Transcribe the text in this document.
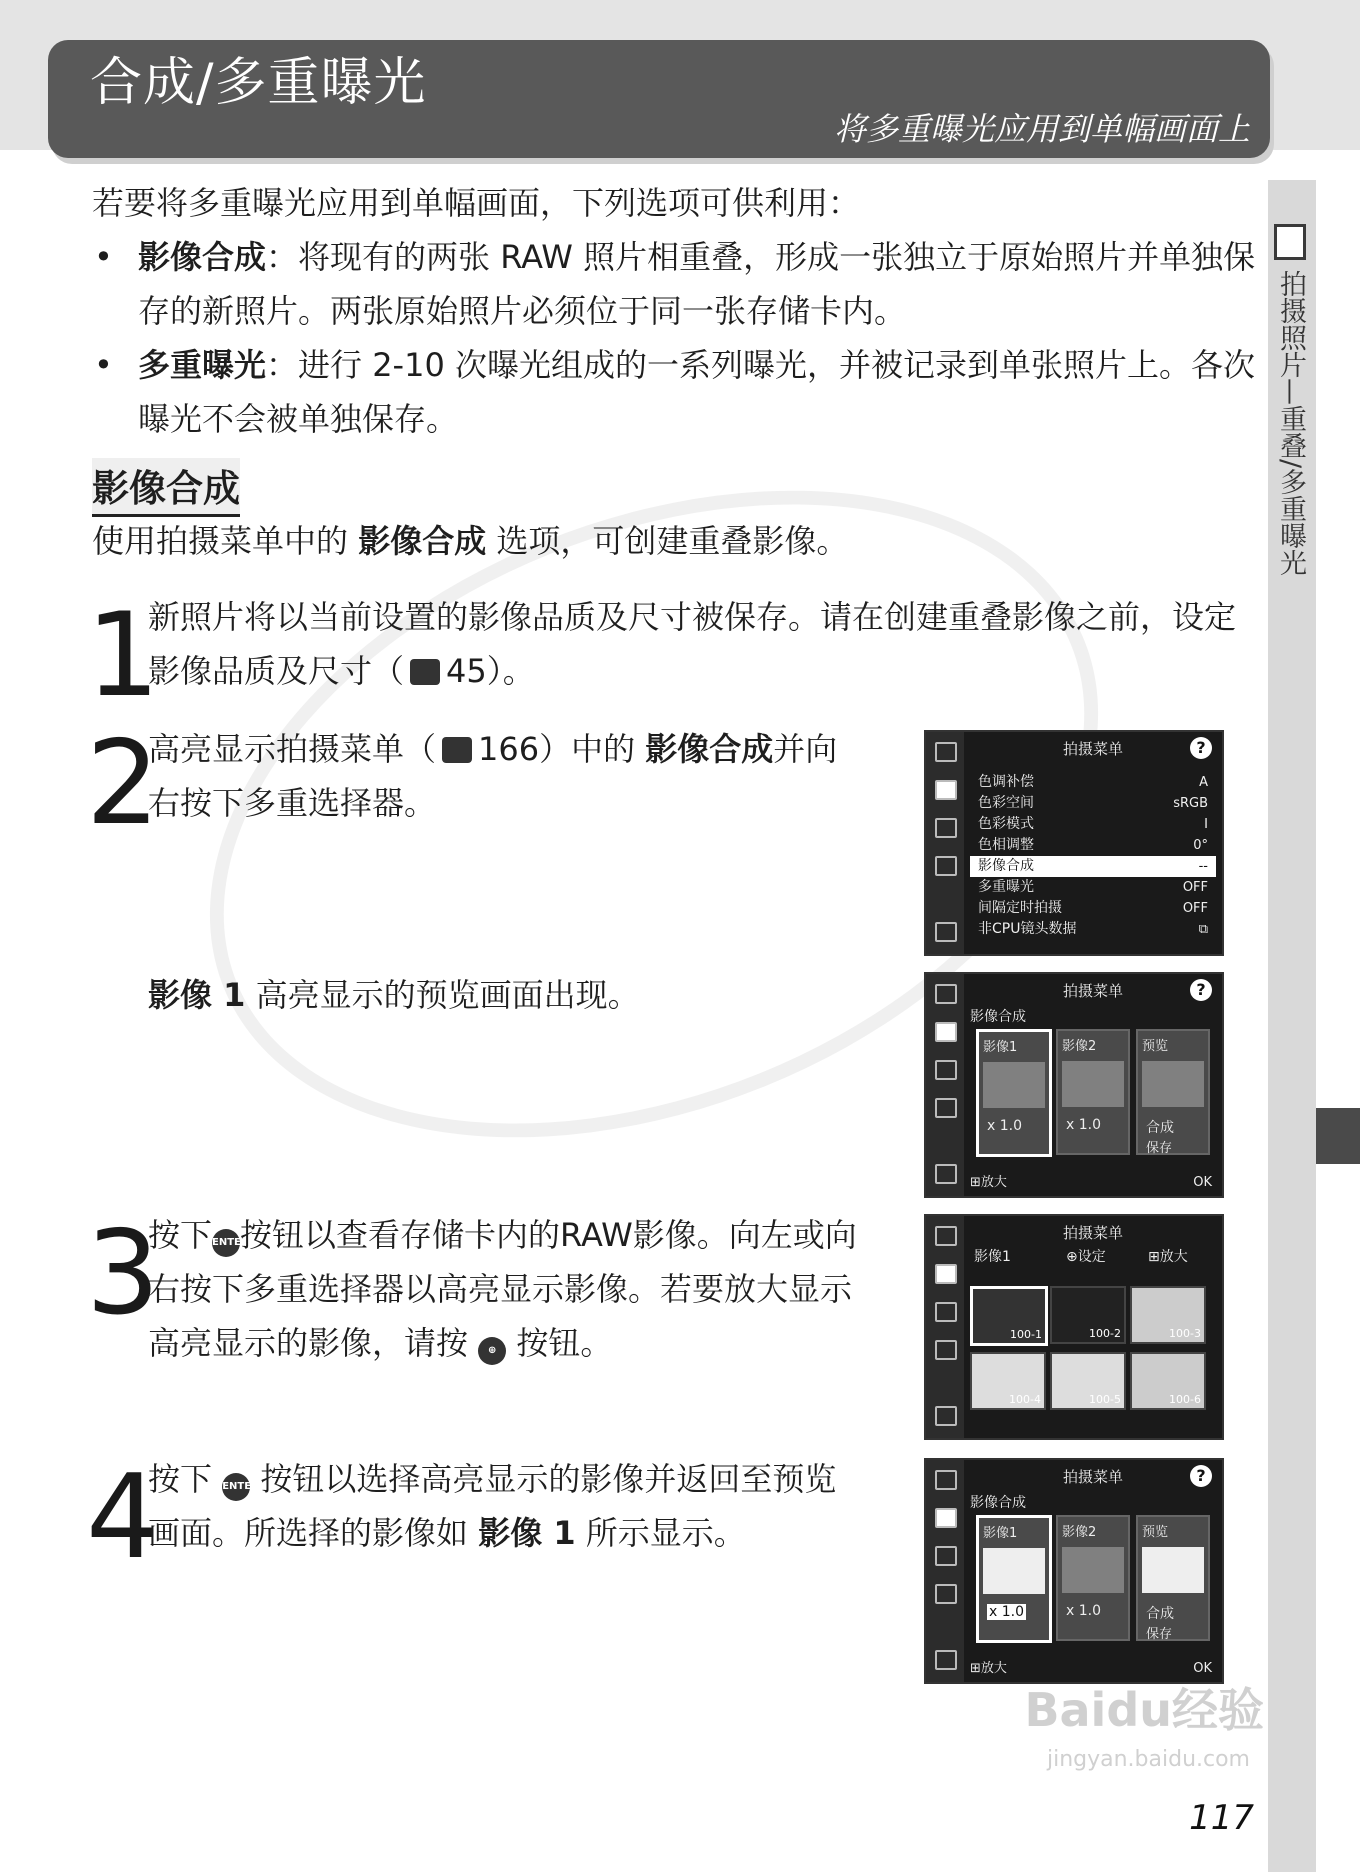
合成/多重曝光
将多重曝光应用到单幅画面上
拍摄照片—重叠/多重曝光

若要将多重曝光应用到单幅画面，下列选项可供利用：

• 影像合成：将现有的两张 RAW 照片相重叠，形成一张独立于原始照片并单独保存的新照片。两张原始照片必须位于同一张存储卡内。
• 多重曝光：进行 2-10 次曝光组成的一系列曝光，并被记录到单张照片上。各次曝光不会被单独保存。
影像合成

使用拍摄菜单中的 影像合成 选项，可创建重叠影像。

1

新照片将以当前设置的影像品质及尺寸被保存。请在创建重叠影像之前，设定影像品质及尺寸（ 45）。

2

高亮显示拍摄菜单（ 166）中的 影像合成并向右按下多重选择器。

影像 1 高亮显示的预览画面出现。

3

按下ENTER按钮以查看存储卡内的RAW影像。向左或向右按下多重选择器以高亮显示影像。若要放大显示高亮显示的影像，请按 ⊕ 按钮。

4

按下 ENTER 按钮以选择高亮显示的影像并返回至预览画面。所选择的影像如 影像 1 所示显示。

拍摄菜单	?
色调补偿	A
色彩空间	sRGB
色彩模式	I
色相调整	0°
影像合成	--
多重曝光	OFF
间隔定时拍摄	OFF
非CPU镜头数据	⧉
拍摄菜单	?
影像合成
影像1
x 1.0
影像2
x 1.0
预览
合成
保存
⊞放大	OK
拍摄菜单
影像1	⊕设定	⊞放大
100-1	100-2	100-3
100-4	100-5	100-6
拍摄菜单	?
影像合成
影像1
x 1.0
影像2
x 1.0
预览
合成
保存
⊞放大	OK
Baidu经验
jingyan.baidu.com
117
